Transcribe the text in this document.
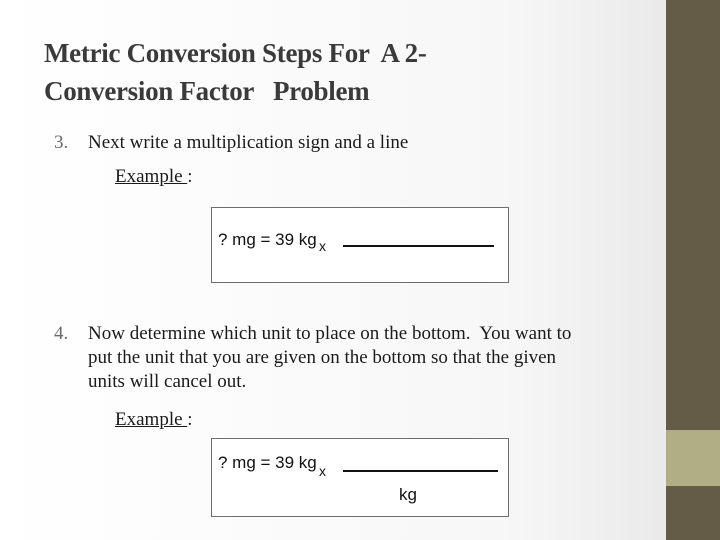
Metric Conversion Steps For  A 2-
Conversion Factor   Problem
3. Next write a multiplication sign and a line
Example :
? mg = 39 kg x
4. Now determine which unit to place on the bottom.  You want to put the unit that you are given on the bottom so that the given units will cancel out.
Example :
? mg = 39 kg x
kg
